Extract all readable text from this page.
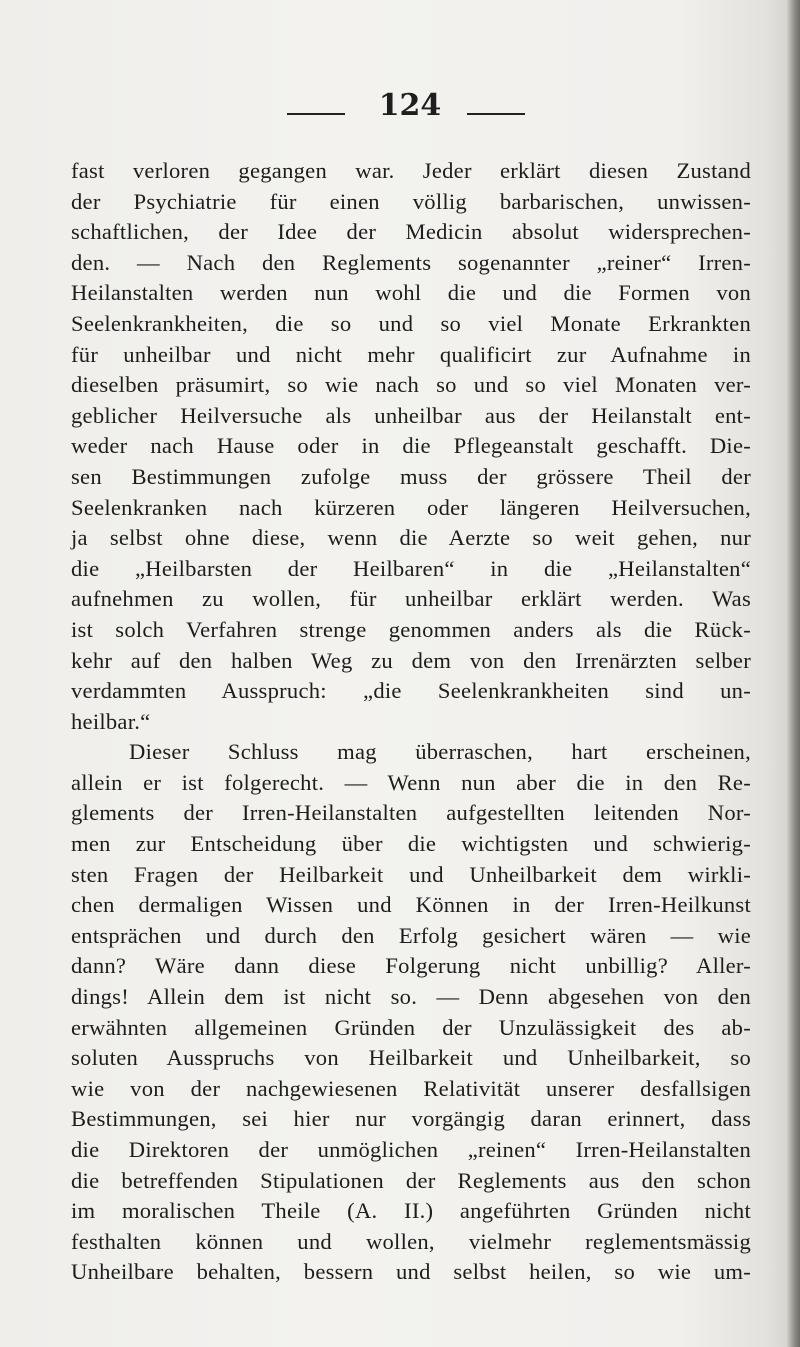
124
fast verloren gegangen war. Jeder erklärt diesen Zustand
der Psychiatrie für einen völlig barbarischen, unwissen-
schaftlichen, der Idee der Medicin absolut widersprechen-
den. — Nach den Reglements sogenannter „reiner“ Irren-
Heilanstalten werden nun wohl die und die Formen von
Seelenkrankheiten, die so und so viel Monate Erkrankten
für unheilbar und nicht mehr qualificirt zur Aufnahme in
dieselben präsumirt, so wie nach so und so viel Monaten ver-
geblicher Heilversuche als unheilbar aus der Heilanstalt ent-
weder nach Hause oder in die Pflegeanstalt geschafft. Die-
sen Bestimmungen zufolge muss der grössere Theil der
Seelenkranken nach kürzeren oder längeren Heilversuchen,
ja selbst ohne diese, wenn die Aerzte so weit gehen, nur
die „Heilbarsten der Heilbaren“ in die „Heilanstalten“
aufnehmen zu wollen, für unheilbar erklärt werden. Was
ist solch Verfahren strenge genommen anders als die Rück-
kehr auf den halben Weg zu dem von den Irrenärzten selber
verdammten Ausspruch: „die Seelenkrankheiten sind un-
heilbar.“
Dieser Schluss mag überraschen, hart erscheinen,
allein er ist folgerecht. — Wenn nun aber die in den Re-
glements der Irren-Heilanstalten aufgestellten leitenden Nor-
men zur Entscheidung über die wichtigsten und schwierig-
sten Fragen der Heilbarkeit und Unheilbarkeit dem wirkli-
chen dermaligen Wissen und Können in der Irren-Heilkunst
entsprächen und durch den Erfolg gesichert wären — wie
dann? Wäre dann diese Folgerung nicht unbillig? Aller-
dings! Allein dem ist nicht so. — Denn abgesehen von den
erwähnten allgemeinen Gründen der Unzulässigkeit des ab-
soluten Ausspruchs von Heilbarkeit und Unheilbarkeit, so
wie von der nachgewiesenen Relativität unserer desfallsigen
Bestimmungen, sei hier nur vorgängig daran erinnert, dass
die Direktoren der unmöglichen „reinen“ Irren-Heilanstalten
die betreffenden Stipulationen der Reglements aus den schon
im moralischen Theile (A. II.) angeführten Gründen nicht
festhalten können und wollen, vielmehr reglementsmässig
Unheilbare behalten, bessern und selbst heilen, so wie um-
